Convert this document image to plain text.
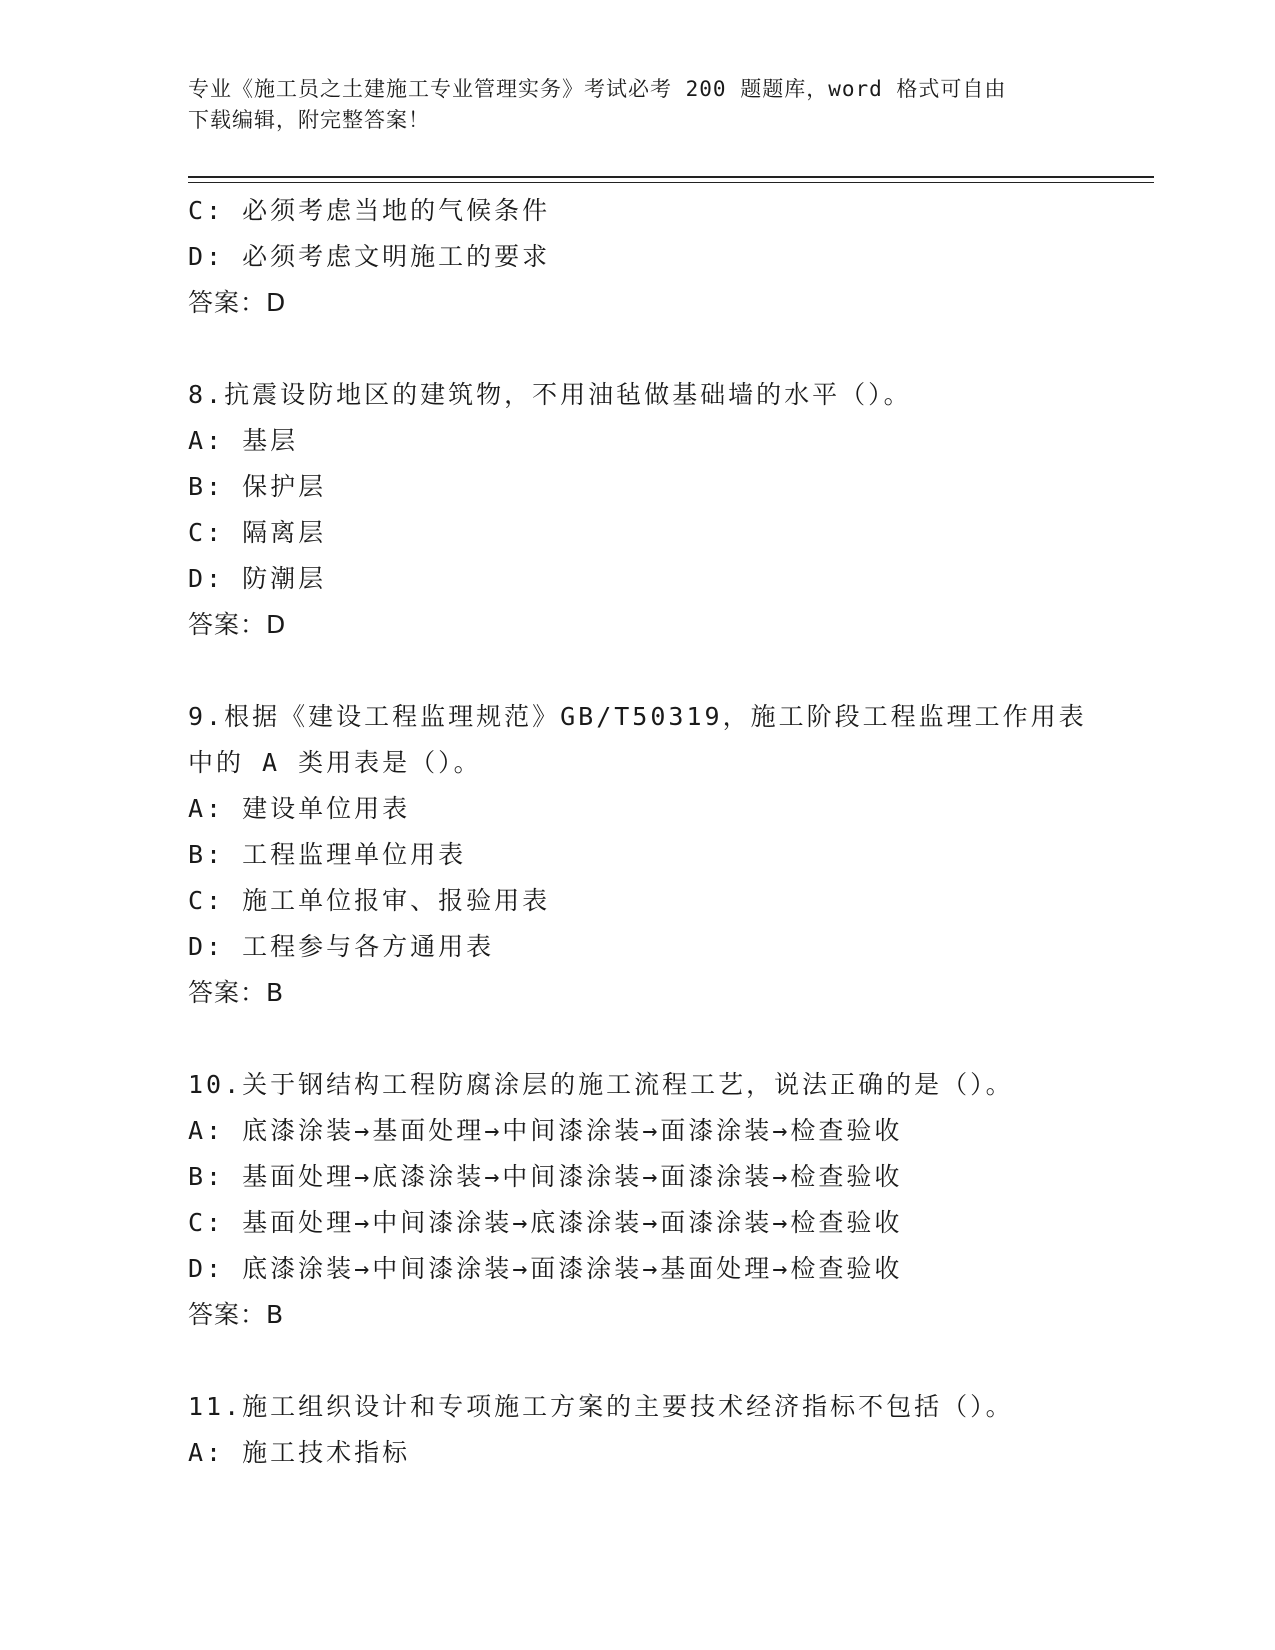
专业《施工员之土建施工专业管理实务》考试必考 200 题题库，word 格式可自由
下载编辑，附完整答案！
C: 必须考虑当地的气候条件
D: 必须考虑文明施工的要求
答案：D
8.抗震设防地区的建筑物，不用油毡做基础墙的水平（）。
A: 基层
B: 保护层
C: 隔离层
D: 防潮层
答案：D
9.根据《建设工程监理规范》GB/T50319，施工阶段工程监理工作用表
中的 A 类用表是（）。
A: 建设单位用表
B: 工程监理单位用表
C: 施工单位报审、报验用表
D: 工程参与各方通用表
答案：B
10.关于钢结构工程防腐涂层的施工流程工艺，说法正确的是（）。
A: 底漆涂装→基面处理→中间漆涂装→面漆涂装→检查验收
B: 基面处理→底漆涂装→中间漆涂装→面漆涂装→检查验收
C: 基面处理→中间漆涂装→底漆涂装→面漆涂装→检查验收
D: 底漆涂装→中间漆涂装→面漆涂装→基面处理→检查验收
答案：B
11.施工组织设计和专项施工方案的主要技术经济指标不包括（）。
A: 施工技术指标
